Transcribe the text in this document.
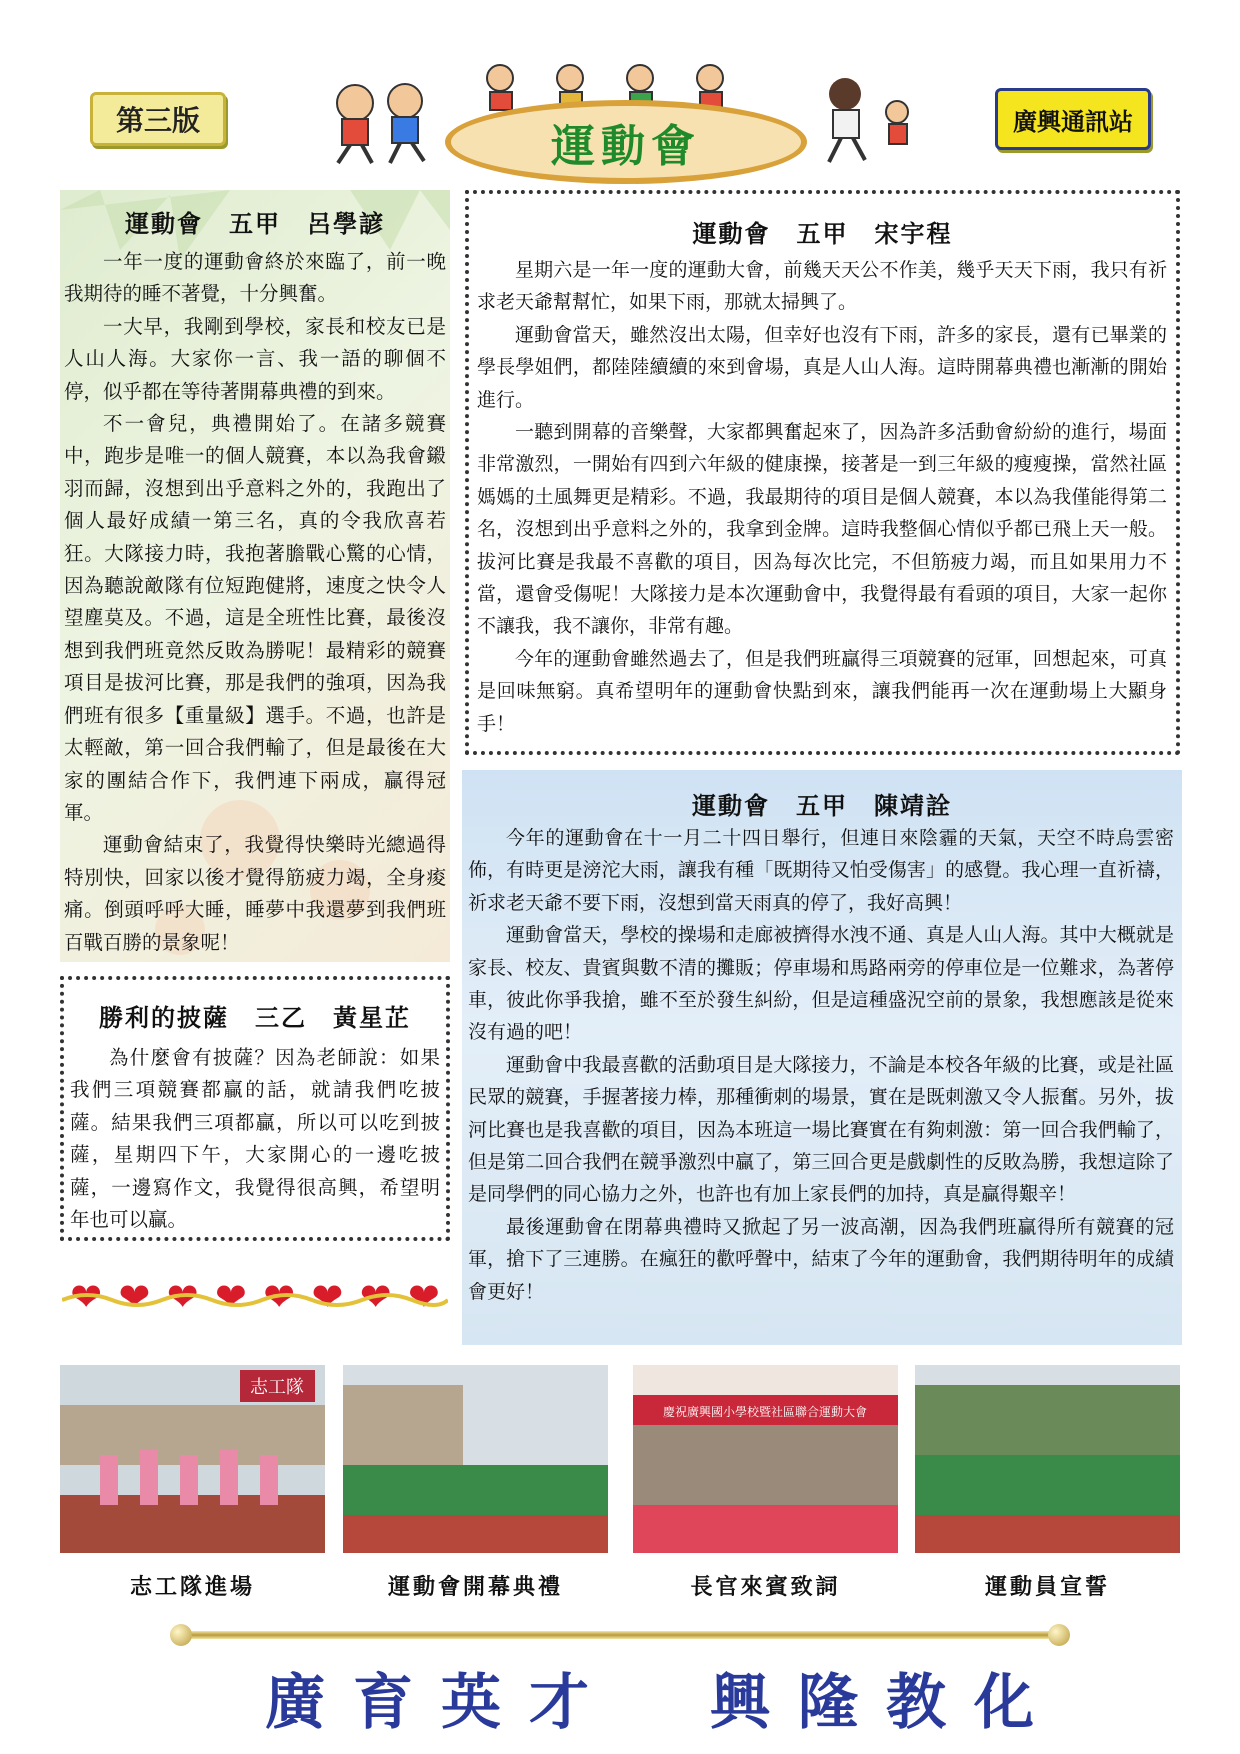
第三版
運動會	廣興通訊站
運動會　五甲　呂學諺

一年一度的運動會終於來臨了，前一晚我期待的睡不著覺，十分興奮。

一大早，我剛到學校，家長和校友已是人山人海。大家你一言、我一語的聊個不停，似乎都在等待著開幕典禮的到來。

不一會兒，典禮開始了。在諸多競賽中，跑步是唯一的個人競賽，本以為我會鎩羽而歸，沒想到出乎意料之外的，我跑出了個人最好成績一第三名，真的令我欣喜若狂。大隊接力時，我抱著膽戰心驚的心情，因為聽說敵隊有位短跑健將，速度之快令人望塵莫及。不過，這是全班性比賽，最後沒想到我們班竟然反敗為勝呢！最精彩的競賽項目是拔河比賽，那是我們的強項，因為我們班有很多【重量級】選手。不過，也許是太輕敵，第一回合我們輸了，但是最後在大家的團結合作下，我們連下兩成，贏得冠軍。

運動會結束了，我覺得快樂時光總過得特別快，回家以後才覺得筋疲力竭，全身痠痛。倒頭呼呼大睡，睡夢中我還夢到我們班百戰百勝的景象呢！

勝利的披薩　三乙　黃星芷

為什麼會有披薩？因為老師說：如果我們三項競賽都贏的話，就請我們吃披薩。結果我們三項都贏，所以可以吃到披薩，星期四下午，大家開心的一邊吃披薩，一邊寫作文，我覺得很高興，希望明年也可以贏。

❤ ❤ ❤ ❤ ❤ ❤ ❤ ❤
運動會　五甲　宋宇程

星期六是一年一度的運動大會，前幾天天公不作美，幾乎天天下雨，我只有祈求老天爺幫幫忙，如果下雨，那就太掃興了。

運動會當天，雖然沒出太陽，但幸好也沒有下雨，許多的家長，還有已畢業的學長學姐們，都陸陸續續的來到會場，真是人山人海。這時開幕典禮也漸漸的開始進行。

一聽到開幕的音樂聲，大家都興奮起來了，因為許多活動會紛紛的進行，場面非常激烈，一開始有四到六年級的健康操，接著是一到三年級的瘦瘦操，當然社區媽媽的土風舞更是精彩。不過，我最期待的項目是個人競賽，本以為我僅能得第二名，沒想到出乎意料之外的，我拿到金牌。這時我整個心情似乎都已飛上天一般。拔河比賽是我最不喜歡的項目，因為每次比完，不但筋疲力竭，而且如果用力不當，還會受傷呢！大隊接力是本次運動會中，我覺得最有看頭的項目，大家一起你不讓我，我不讓你，非常有趣。

今年的運動會雖然過去了，但是我們班贏得三項競賽的冠軍，回想起來，可真是回味無窮。真希望明年的運動會快點到來，讓我們能再一次在運動場上大顯身手！

運動會　五甲　陳靖詮

今年的運動會在十一月二十四日舉行，但連日來陰霾的天氣，天空不時烏雲密佈，有時更是滂沱大雨，讓我有種「既期待又怕受傷害」的感覺。我心理一直祈禱，祈求老天爺不要下雨，沒想到當天雨真的停了，我好高興！

運動會當天，學校的操場和走廊被擠得水洩不通、真是人山人海。其中大概就是家長、校友、貴賓與數不清的攤販；停車場和馬路兩旁的停車位是一位難求，為著停車，彼此你爭我搶，雖不至於發生糾紛，但是這種盛況空前的景象，我想應該是從來沒有過的吧！

運動會中我最喜歡的活動項目是大隊接力，不論是本校各年級的比賽，或是社區民眾的競賽，手握著接力棒，那種衝刺的場景，實在是既刺激又令人振奮。另外，拔河比賽也是我喜歡的項目，因為本班這一場比賽實在有夠刺激：第一回合我們輸了，但是第二回合我們在競爭激烈中贏了，第三回合更是戲劇性的反敗為勝，我想這除了是同學們的同心協力之外，也許也有加上家長們的加持，真是贏得艱辛！

最後運動會在閉幕典禮時又掀起了另一波高潮，因為我們班贏得所有競賽的冠軍，搶下了三連勝。在瘋狂的歡呼聲中，結束了今年的運動會，我們期待明年的成績會更好！

志工隊
慶祝廣興國小學校暨社區聯合運動大會
志工隊進場	運動會開幕典禮	長官來賓致詞	運動員宣誓
廣育英才 興隆教化
